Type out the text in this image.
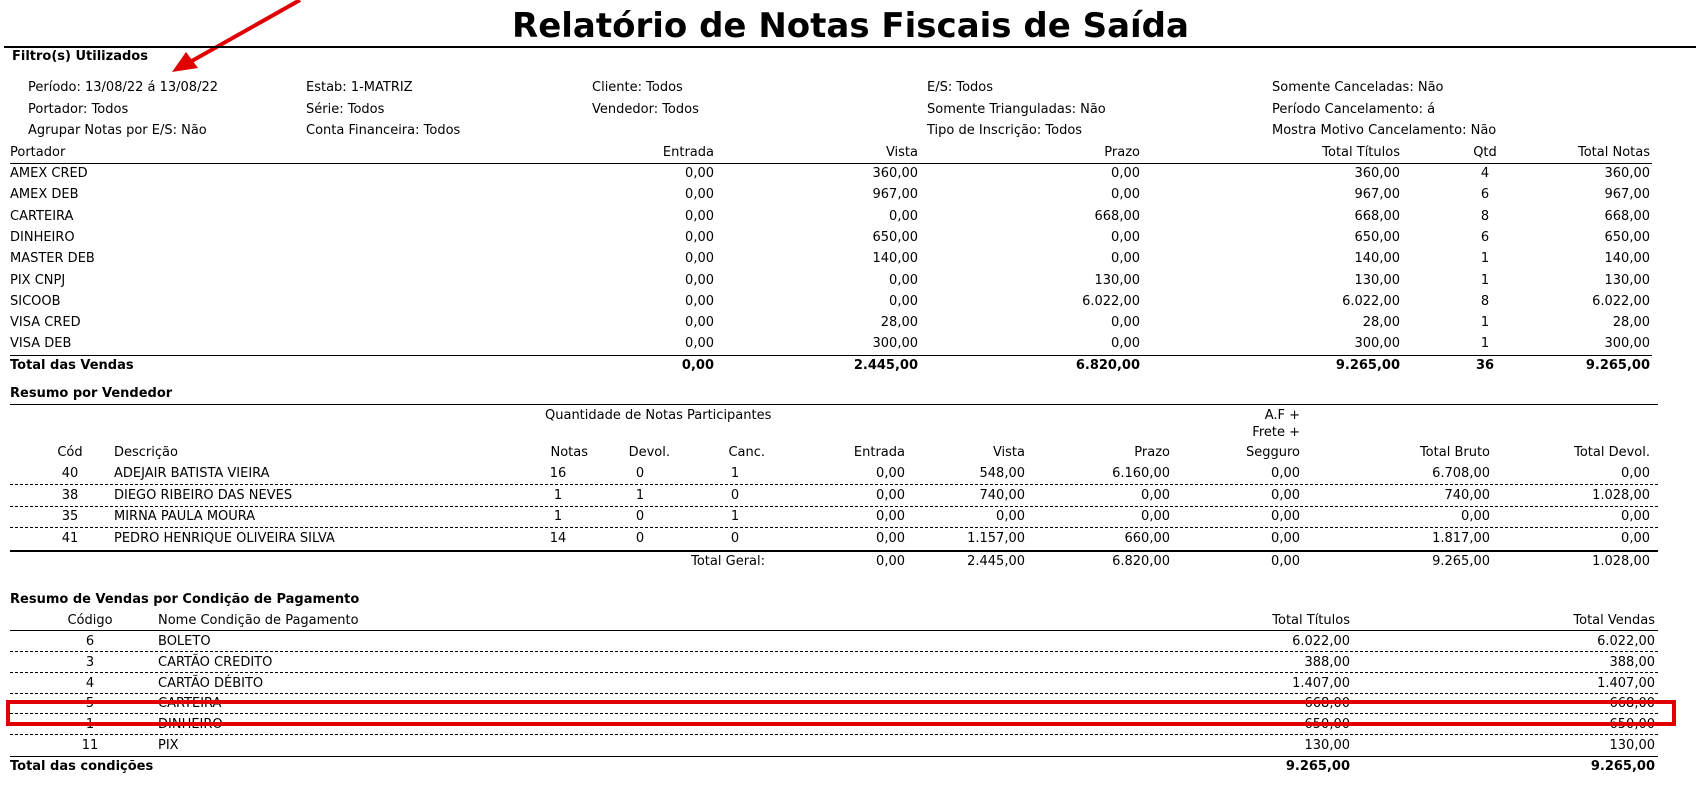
Relatório de Notas Fiscais de Saída
Filtro(s) Utilizados
Período: 13/08/22 á 13/08/22	Estab: 1-MATRIZ	Cliente: Todos	E/S: Todos	Somente Canceladas: Não
Portador: Todos	Série: Todos	Vendedor: Todos	Somente Trianguladas: Não	Período Cancelamento: á
Agrupar Notas por E/S: Não	Conta Financeira: Todos	Tipo de Inscrição: Todos	Mostra Motivo Cancelamento: Não
Portador	Entrada	Vista	Prazo	Total Títulos	Qtd	Total Notas
AMEX CRED	0,00	360,00	0,00	360,00	4	360,00
AMEX DEB	0,00	967,00	0,00	967,00	6	967,00
CARTEIRA	0,00	0,00	668,00	668,00	8	668,00
DINHEIRO	0,00	650,00	0,00	650,00	6	650,00
MASTER DEB	0,00	140,00	0,00	140,00	1	140,00
PIX CNPJ	0,00	0,00	130,00	130,00	1	130,00
SICOOB	0,00	0,00	6.022,00	6.022,00	8	6.022,00
VISA CRED	0,00	28,00	0,00	28,00	1	28,00
VISA DEB	0,00	300,00	0,00	300,00	1	300,00
Total das Vendas	0,00	2.445,00	6.820,00	9.265,00	36	9.265,00
Resumo por Vendedor
Quantidade de Notas Participantes	A.F +
Frete +
Cód	Descrição	Notas	Devol.	Canc.	Entrada	Vista	Prazo	Segguro	Total Bruto	Total Devol.
40	ADEJAIR BATISTA VIEIRA	16	0	1	0,00	548,00	6.160,00	0,00	6.708,00	0,00
38	DIEGO RIBEIRO DAS NEVES	1	1	0	0,00	740,00	0,00	0,00	740,00	1.028,00
35	MIRNA PAULA MOURA	1	0	1	0,00	0,00	0,00	0,00	0,00	0,00
41	PEDRO HENRIQUE OLIVEIRA SILVA	14	0	0	0,00	1.157,00	660,00	0,00	1.817,00	0,00
Total Geral:	0,00	2.445,00	6.820,00	0,00	9.265,00	1.028,00
Resumo de Vendas por Condição de Pagamento
Código	Nome Condição de Pagamento	Total Títulos	Total Vendas
6	BOLETO	6.022,00	6.022,00
3	CARTÃO CREDITO	388,00	388,00
4	CARTÃO DÉBITO	1.407,00	1.407,00
5	CARTEIRA	668,00	668,00
1	DINHEIRO	650,00	650,00
11	PIX	130,00	130,00
Total das condições	9.265,00	9.265,00
